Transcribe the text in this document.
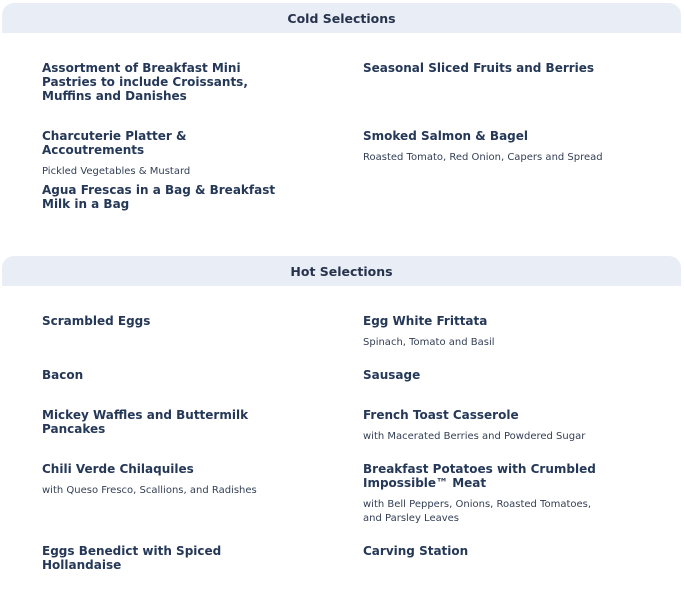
Cold Selections
Assortment of Breakfast Mini Pastries to include Croissants, Muffins and Danishes
Seasonal Sliced Fruits and Berries
Charcuterie Platter & Accoutrements
Pickled Vegetables & Mustard
Smoked Salmon & Bagel
Roasted Tomato, Red Onion, Capers and Spread
Agua Frescas in a Bag & Breakfast Milk in a Bag
Hot Selections
Scrambled Eggs	Egg White Frittata
Spinach, Tomato and Basil
Bacon	Sausage
Mickey Waffles and Buttermilk Pancakes
French Toast Casserole
with Macerated Berries and Powdered Sugar
Chili Verde Chilaquiles
with Queso Fresco, Scallions, and Radishes
Breakfast Potatoes with Crumbled Impossible™ Meat
with Bell Peppers, Onions, Roasted Tomatoes, and Parsley Leaves
Eggs Benedict with Spiced Hollandaise
Carving Station
